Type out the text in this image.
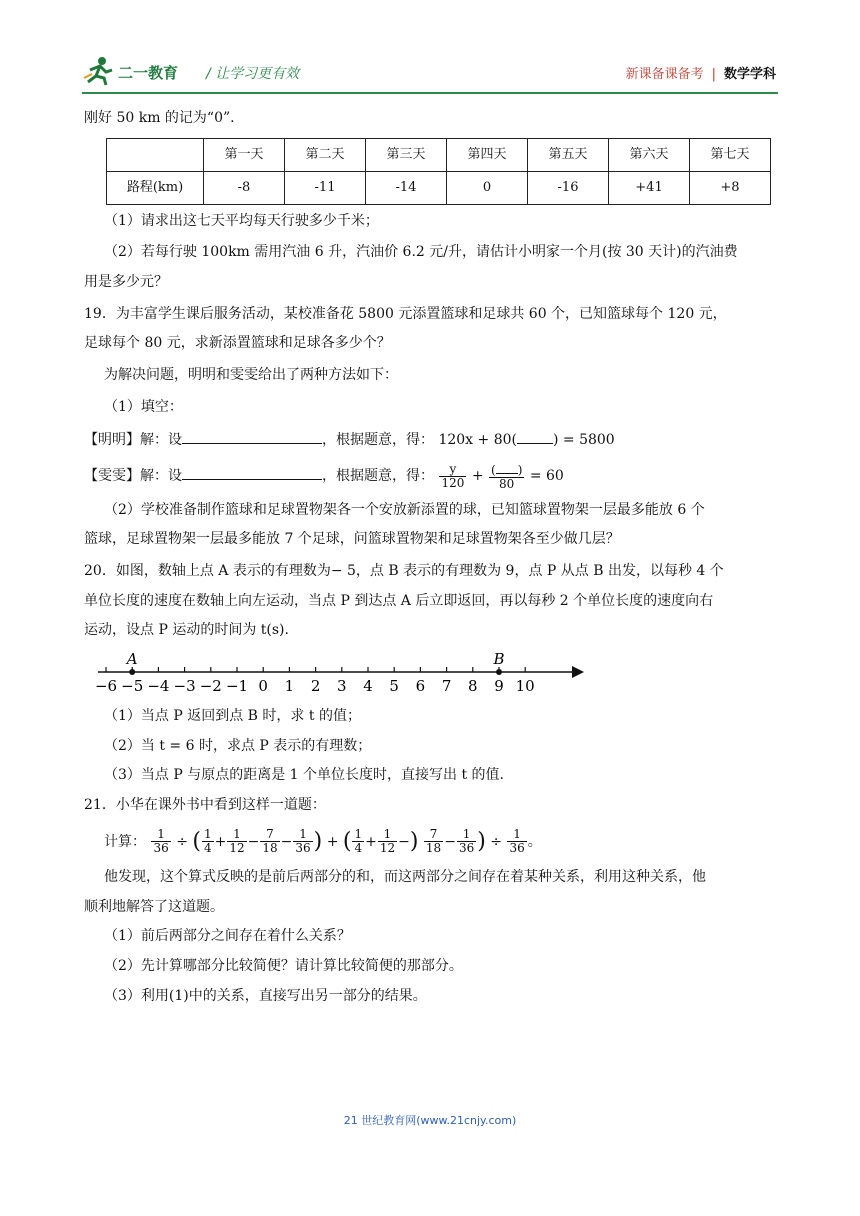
二一教育 / 让学习更有效	新课备课备考 | 数学学科

刚好 50 km 的记为“0”.

	第一天	第二天	第三天	第四天	第五天	第六天	第七天
路程(km)	-8	-11	-14	0	-16	+41	+8

（1）请求出这七天平均每天行驶多少千米；

（2）若每行驶 100km 需用汽油 6 升，汽油价 6.2 元/升，请估计小明家一个月(按 30 天计)的汽油费

用是多少元？

19．为丰富学生课后服务活动，某校准备花 5800 元添置篮球和足球共 60 个，已知篮球每个 120 元，

足球每个 80 元，求新添置篮球和足球各多少个？

为解决问题，明明和雯雯给出了两种方法如下：

（1）填空：

【明明】解：设	，根据题意，得： 120x + 80(	) = 5800

【雯雯】解：设	，根据题意，得： $\frac{y}{120} + \frac{( )}{80} = 60$

（2）学校准备制作篮球和足球置物架各一个安放新添置的球，已知篮球置物架一层最多能放 6 个

篮球，足球置物架一层最多能放 7 个足球，问篮球置物架和足球置物架各至少做几层？

20．如图，数轴上点 A 表示的有理数为− 5，点 B 表示的有理数为 9，点 P 从点 B 出发，以每秒 4 个

单位长度的速度在数轴上向左运动，当点 P 到达点 A 后立即返回，再以每秒 2 个单位长度的速度向右

运动，设点 P 运动的时间为 t(s).

−6 −5 −4 −3 −2 −1 0 1 2 3 4 5 6 7 8 9 10
A	B

（1）当点 P 返回到点 B 时，求 t 的值；

（2）当 t = 6 时，求点 P 表示的有理数；

（3）当点 P 与原点的距离是 1 个单位长度时，直接写出 t 的值.

21．小华在课外书中看到这样一道题：

计算： $\frac{1}{36}$ ÷ ( $\frac{1}{4} + \frac{1}{12} - \frac{7}{18} - \frac{1}{36}$ ) + ( $\frac{1}{4} + \frac{1}{12}$ −) $\frac{7}{18} - \frac{1}{36}$ ) ÷ $\frac{1}{36}$ 。

他发现，这个算式反映的是前后两部分的和，而这两部分之间存在着某种关系，利用这种关系，他

顺利地解答了这道题。

（1）前后两部分之间存在着什么关系？

（2）先计算哪部分比较简便？请计算比较简便的那部分。

（3）利用(1)中的关系，直接写出另一部分的结果。

21 世纪教育网(www.21cnjy.com)
